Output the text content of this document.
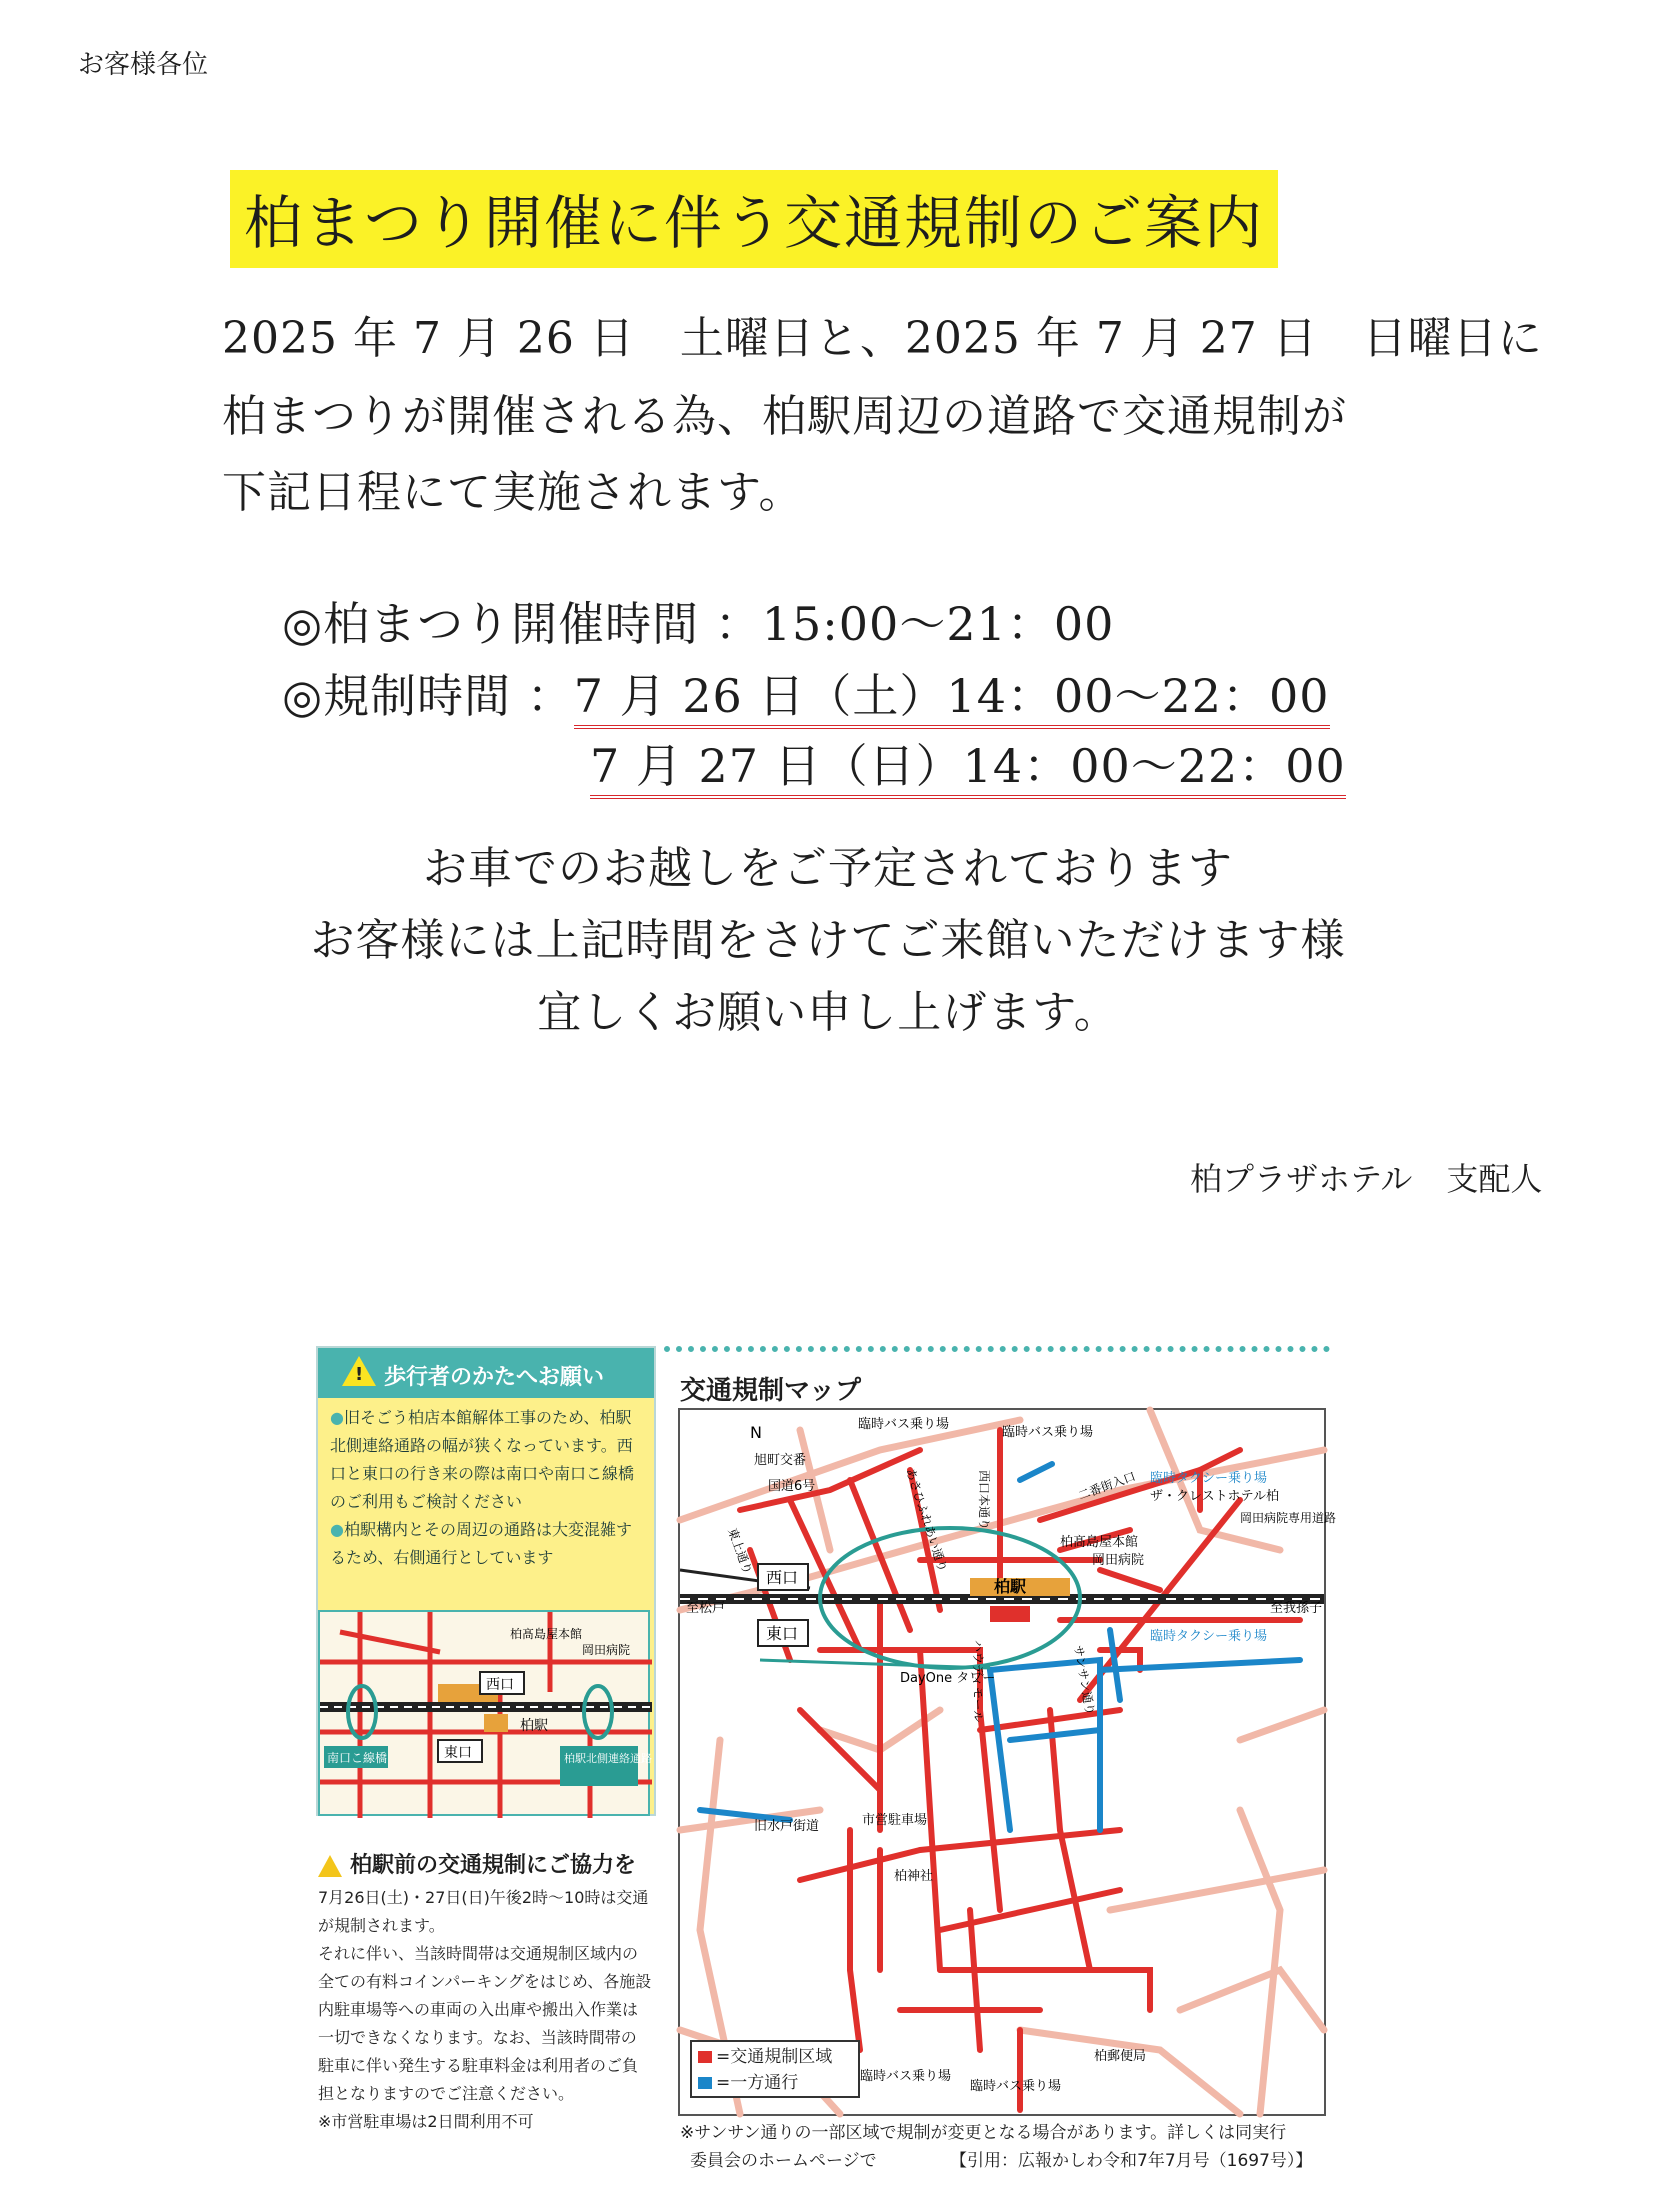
お客様各位
柏まつり開催に伴う交通規制のご案内
2025 年 7 月 26 日　土曜日と、2025 年 7 月 27 日　日曜日に
柏まつりが開催される為、柏駅周辺の道路で交通規制が
下記日程にて実施されます。
◎柏まつり開催時間 ：15:00～21：00
◎規制時間 ：7 月 26 日（土）14：00～22：00
7 月 27 日（日）14：00～22：00
お車でのお越しをご予定されております
お客様には上記時間をさけてご来館いただけます様
宜しくお願い申し上げます。
柏プラザホテル 支配人
!
歩行者のかたへお願い

●旧そごう柏店本館解体工事のため、柏駅北側連絡通路の幅が狭くなっています。西口と東口の行き来の際は南口や南口こ線橋のご利用もご検討ください

●柏駅構内とその周辺の通路は大変混雑するため、右側通行としています

西口
東口
柏駅
柏髙島屋本館
岡田病院
南口こ線橋	柏駅北側連絡通路
柏駅前の交通規制にご協力を

7月26日(土)・27日(日)午後2時～10時は交通が規制されます。

それに伴い、当該時間帯は交通規制区域内の全ての有料コインパーキングをはじめ、各施設内駐車場等への車両の入出庫や搬出入作業は一切できなくなります。なお、当該時間帯の駐車に伴い発生する駐車料金は利用者のご負担となりますのでご注意ください。

※市営駐車場は2日間利用不可

交通規制マップ
西口
東口
柏駅
至松戸	至我孫子
臨時バス乗り場
臨時バス乗り場
旭町交番
国道6号
東上通り	あさひふれあい通り 西口本通り	二番街入口 臨時タクシー乗り場
ザ・クレストホテル柏
柏髙島屋本館
岡田病院
岡田病院専用道路
ハウディモール	サンサン通り
臨時タクシー乗り場
DayOne タワー
旧水戸街道	市営駐車場
柏神社
臨時バス乗り場
臨時バス乗り場
柏郵便局
N
=交通規制区域
=一方通行
※サンサン通りの一部区域で規制が変更となる場合があります。詳しくは同実行
委員会のホームページで	【引用：広報かしわ令和7年7月号（1697号）】
